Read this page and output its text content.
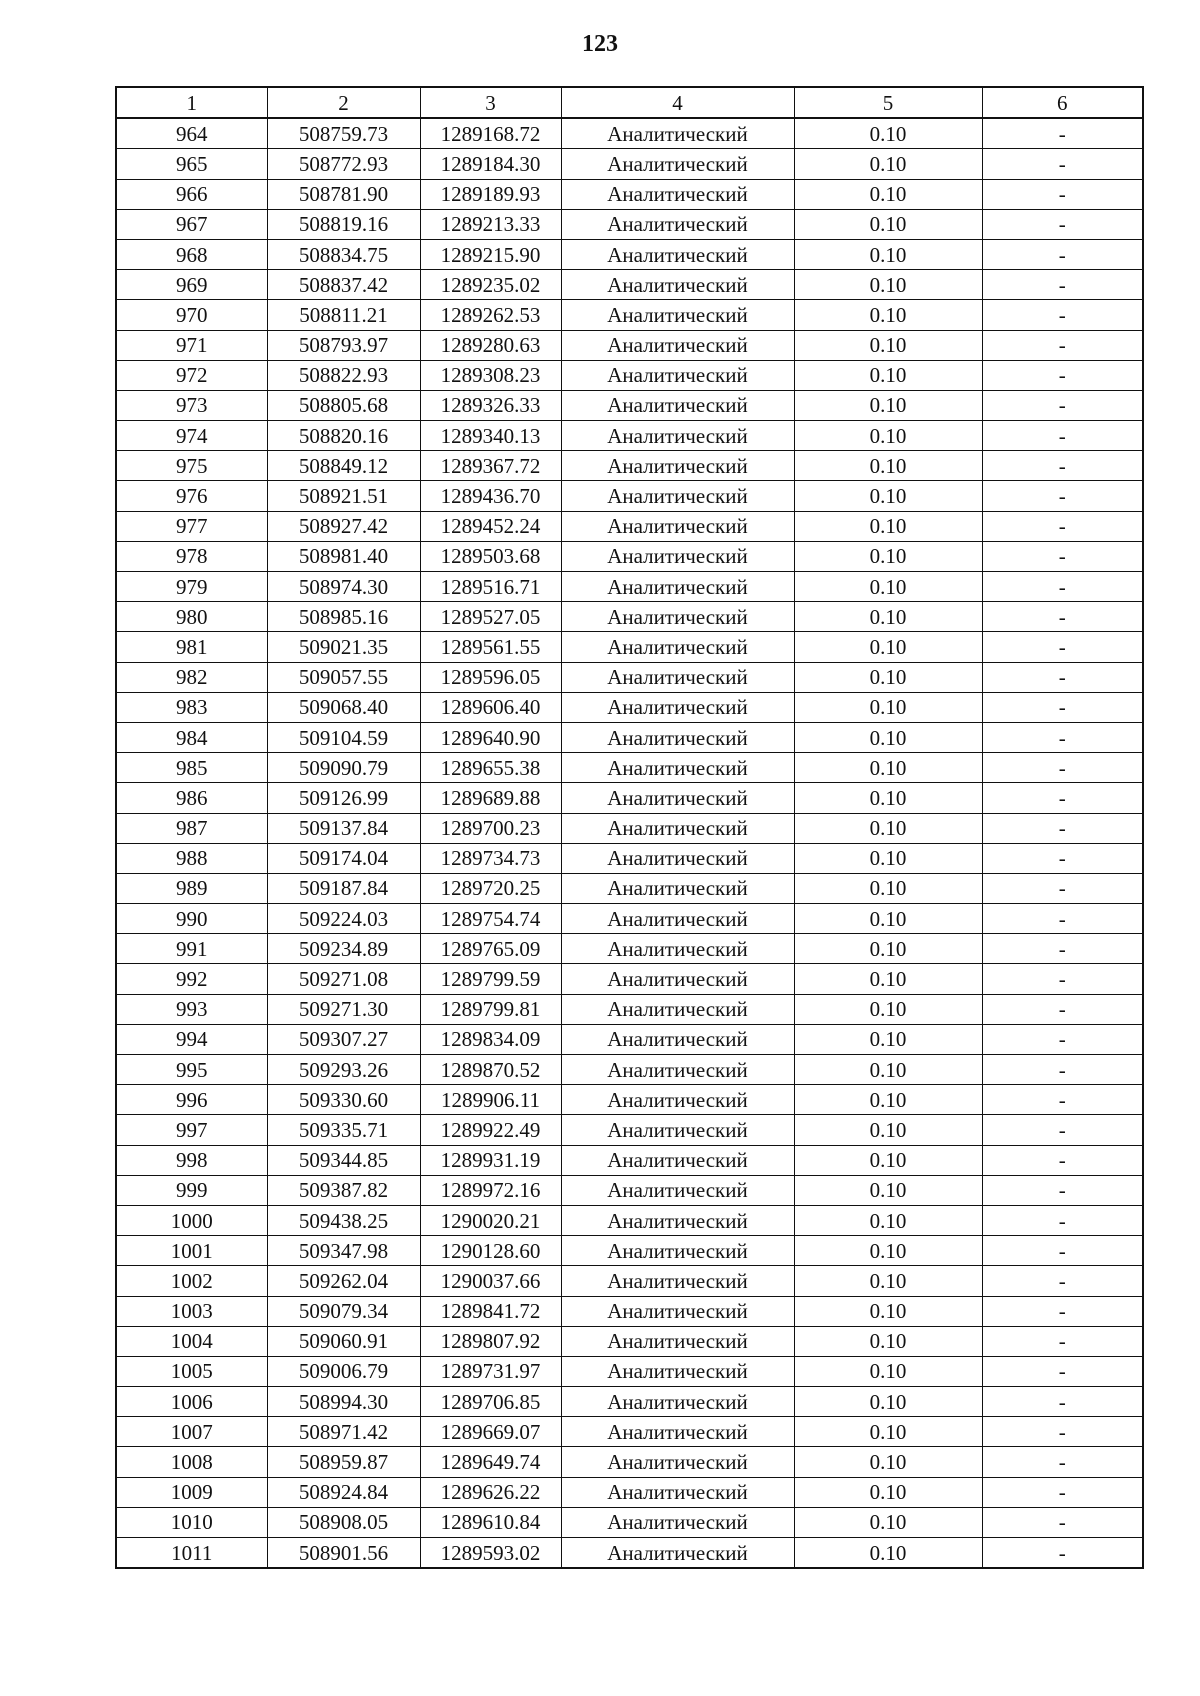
123
1	2	3	4	5	6
964	508759.73	1289168.72	Аналитический	0.10	-
965	508772.93	1289184.30	Аналитический	0.10	-
966	508781.90	1289189.93	Аналитический	0.10	-
967	508819.16	1289213.33	Аналитический	0.10	-
968	508834.75	1289215.90	Аналитический	0.10	-
969	508837.42	1289235.02	Аналитический	0.10	-
970	508811.21	1289262.53	Аналитический	0.10	-
971	508793.97	1289280.63	Аналитический	0.10	-
972	508822.93	1289308.23	Аналитический	0.10	-
973	508805.68	1289326.33	Аналитический	0.10	-
974	508820.16	1289340.13	Аналитический	0.10	-
975	508849.12	1289367.72	Аналитический	0.10	-
976	508921.51	1289436.70	Аналитический	0.10	-
977	508927.42	1289452.24	Аналитический	0.10	-
978	508981.40	1289503.68	Аналитический	0.10	-
979	508974.30	1289516.71	Аналитический	0.10	-
980	508985.16	1289527.05	Аналитический	0.10	-
981	509021.35	1289561.55	Аналитический	0.10	-
982	509057.55	1289596.05	Аналитический	0.10	-
983	509068.40	1289606.40	Аналитический	0.10	-
984	509104.59	1289640.90	Аналитический	0.10	-
985	509090.79	1289655.38	Аналитический	0.10	-
986	509126.99	1289689.88	Аналитический	0.10	-
987	509137.84	1289700.23	Аналитический	0.10	-
988	509174.04	1289734.73	Аналитический	0.10	-
989	509187.84	1289720.25	Аналитический	0.10	-
990	509224.03	1289754.74	Аналитический	0.10	-
991	509234.89	1289765.09	Аналитический	0.10	-
992	509271.08	1289799.59	Аналитический	0.10	-
993	509271.30	1289799.81	Аналитический	0.10	-
994	509307.27	1289834.09	Аналитический	0.10	-
995	509293.26	1289870.52	Аналитический	0.10	-
996	509330.60	1289906.11	Аналитический	0.10	-
997	509335.71	1289922.49	Аналитический	0.10	-
998	509344.85	1289931.19	Аналитический	0.10	-
999	509387.82	1289972.16	Аналитический	0.10	-
1000	509438.25	1290020.21	Аналитический	0.10	-
1001	509347.98	1290128.60	Аналитический	0.10	-
1002	509262.04	1290037.66	Аналитический	0.10	-
1003	509079.34	1289841.72	Аналитический	0.10	-
1004	509060.91	1289807.92	Аналитический	0.10	-
1005	509006.79	1289731.97	Аналитический	0.10	-
1006	508994.30	1289706.85	Аналитический	0.10	-
1007	508971.42	1289669.07	Аналитический	0.10	-
1008	508959.87	1289649.74	Аналитический	0.10	-
1009	508924.84	1289626.22	Аналитический	0.10	-
1010	508908.05	1289610.84	Аналитический	0.10	-
1011	508901.56	1289593.02	Аналитический	0.10	-
